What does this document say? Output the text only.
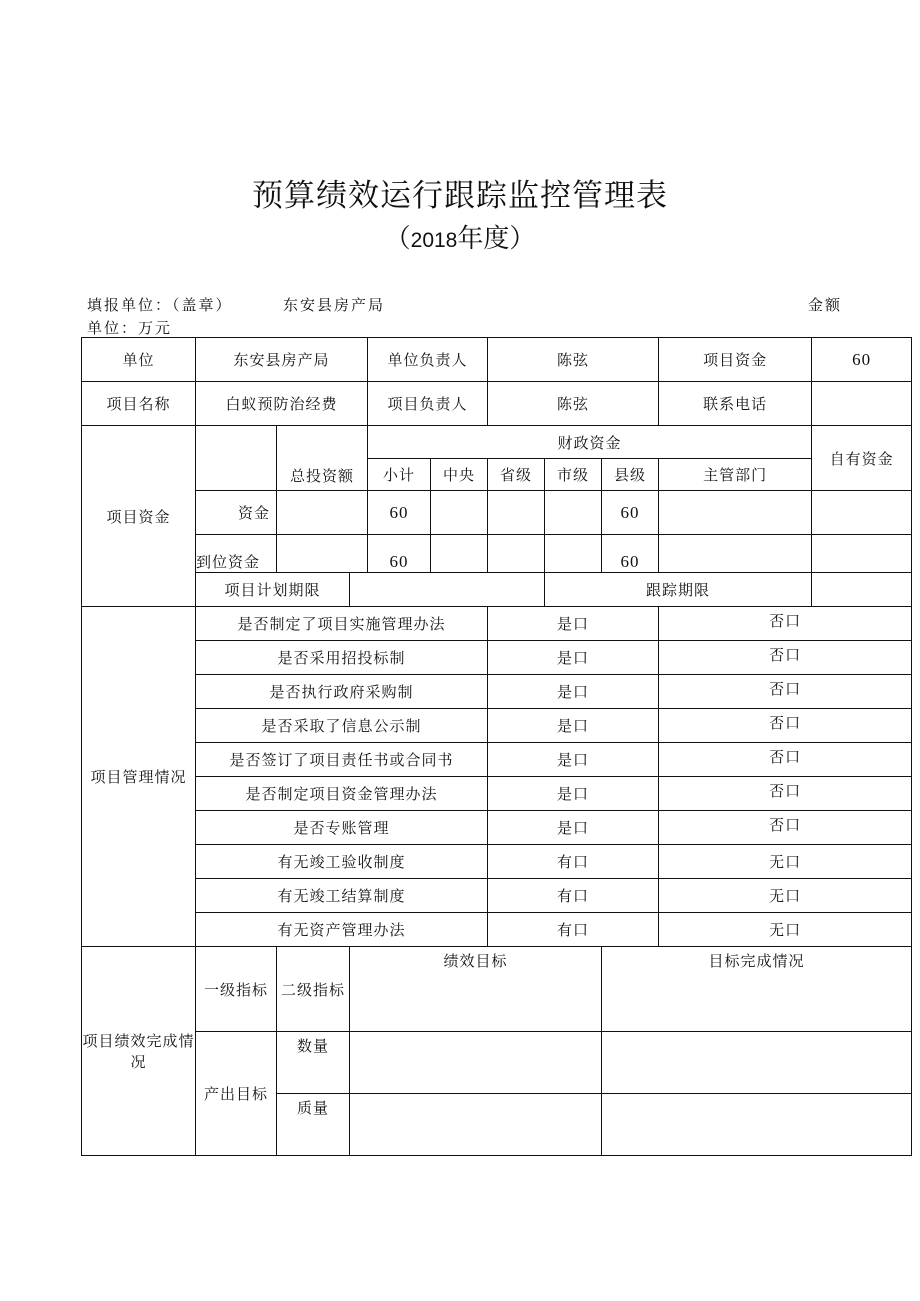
预算绩效运行跟踪监控管理表
（2018年度）
填报单位：（盖章）	东安县房产局	金额
单位：万元
单位	东安县房产局			单位负责人		陈弦			项目资金	60
项目名称	白蚁预防治经费			项目负责人		陈弦			联系电话	
项目资金		总投资额		财政资金						自有资金
				小计	中央	省级	市级	县级	主管部门	
	资金			60				60		
	到位资金			60				60		
	项目计划期限						跟踪期限			
项目管理情况	是否制定了项目实施管理办法					是口			否口	
	是否采用招投标制					是口			否口	
	是否执行政府采购制					是口			否口	
	是否采取了信息公示制					是口			否口	
	是否签订了项目责任书或合同书					是口			否口	
	是否制定项目资金管理办法					是口			否口	
	是否专账管理					是口			否口	
	有无竣工验收制度					有口			无口	
	有无竣工结算制度					有口			无口	
	有无资产管理办法					有口			无口	
项目绩效完成情况	一级指标	二级指标	绩效目标					目标完成情况		
	产出目标	数量								
		质量								
